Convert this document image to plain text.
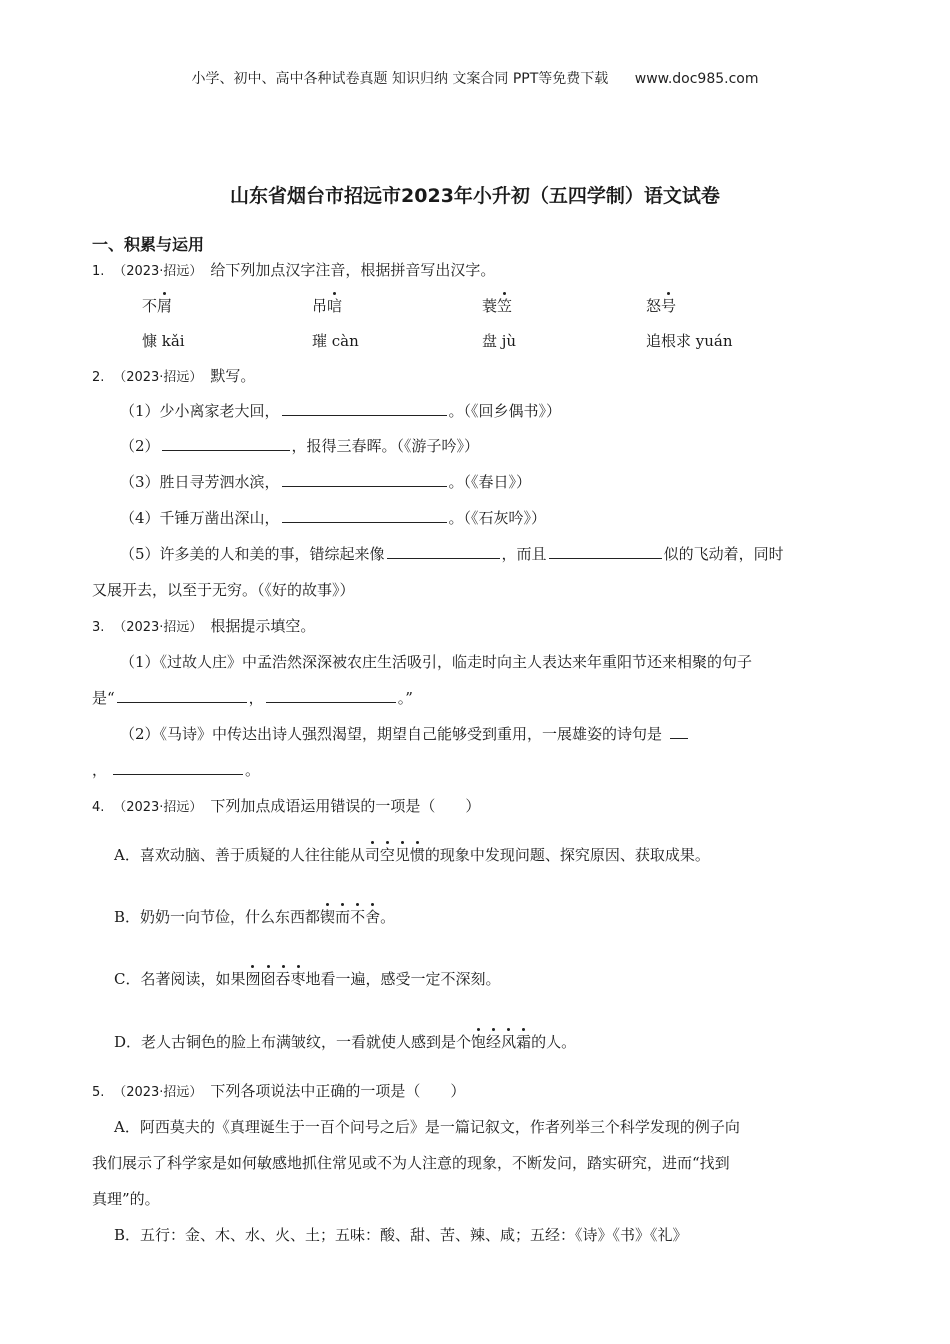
小学、初中、高中各种试卷真题 知识归纳 文案合同 PPT等免费下载 www.doc985.com
山东省烟台市招远市2023年小升初（五四学制）语文试卷
一、积累与运用
1. （2023·招远） 给下列加点汉字注音，根据拼音写出汉字。
不屑	吊唁	蓑笠	怒号
慷 kǎi	璀 càn	盘 jù	追根求 yuán
2. （2023·招远） 默写。
（1）少小离家老大回，	。（《回乡偶书》）
（2）	，报得三春晖。（《游子吟》）
（3）胜日寻芳泗水滨，	。（《春日》）
（4）千锤万凿出深山，	。（《石灰吟》）
（5）许多美的人和美的事，错综起来像	，而且	似的飞动着，同时
又展开去，以至于无穷。（《好的故事》）
3. （2023·招远） 根据提示填空。
（1）《过故人庄》中孟浩然深深被农庄生活吸引，临走时向主人表达来年重阳节还来相聚的句子
是“	，	。”
（2）《马诗》中传达出诗人强烈渴望，期望自己能够受到重用，一展雄姿的诗句是
，	。
4. （2023·招远） 下列加点成语运用错误的一项是（　　）
A．喜欢动脑、善于质疑的人往往能从司空见惯的现象中发现问题、探究原因、获取成果。
B．奶奶一向节俭，什么东西都锲而不舍。
C．名著阅读，如果囫囵吞枣地看一遍，感受一定不深刻。
D．老人古铜色的脸上布满皱纹，一看就使人感到是个饱经风霜的人。
5. （2023·招远） 下列各项说法中正确的一项是（　　）
A．阿西莫夫的《真理诞生于一百个问号之后》是一篇记叙文，作者列举三个科学发现的例子向
我们展示了科学家是如何敏感地抓住常见或不为人注意的现象，不断发问，踏实研究，进而“找到
真理”的。
B．五行：金、木、水、火、土；五味：酸、甜、苦、辣、咸；五经：《诗》《书》《礼》
